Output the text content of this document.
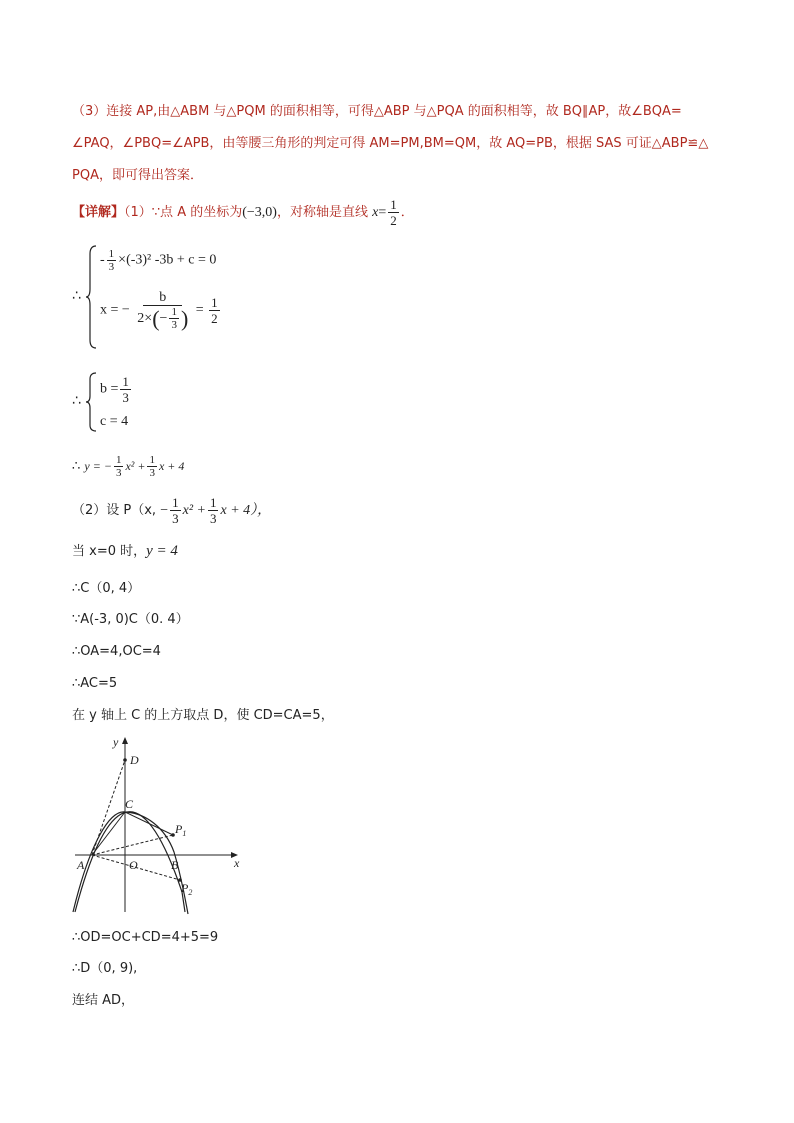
（3）连接 AP,由△ABM 与△PQM 的面积相等，可得△ABP 与△PQA 的面积相等，故 BQ∥AP，故∠BQA=
∠PAQ，∠PBQ=∠APB，由等腰三角形的判定可得 AM=PM,BM=QM，故 AQ=PB，根据 SAS 可证△ABP≌△
PQA，即可得出答案．
【详解】（1）∵点 A 的坐标为(−3,0)，对称轴是直线 $x= \frac{1}{2}$ ．
∴
- $\frac{1}{3} \times(-3)^2$ -3b + c = 0
x = − $\frac{b}{2\times ( - \frac{1}{3} )} = \frac{1}{2}$
∴
$b = \frac{1}{3}$
c = 4
∴ y = − $\frac{1}{3} x^2 + \frac{1}{3}$ x + 4
（2）设 P（x, − $\frac{1}{3} x^2 + \frac{1}{3}$ x + 4），
当 x=0 时，y = 4
∴C（0, 4）
∵A(-3, 0)C（0. 4）
∴OA=4,OC=4
∴AC=5
在 y 轴上 C 的上方取点 D，使 CD=CA=5，
y
x
D
C
$P_1$
A	O	B
$P_2$
∴OD=OC+CD=4+5=9
∴D（0, 9),
连结 AD，
